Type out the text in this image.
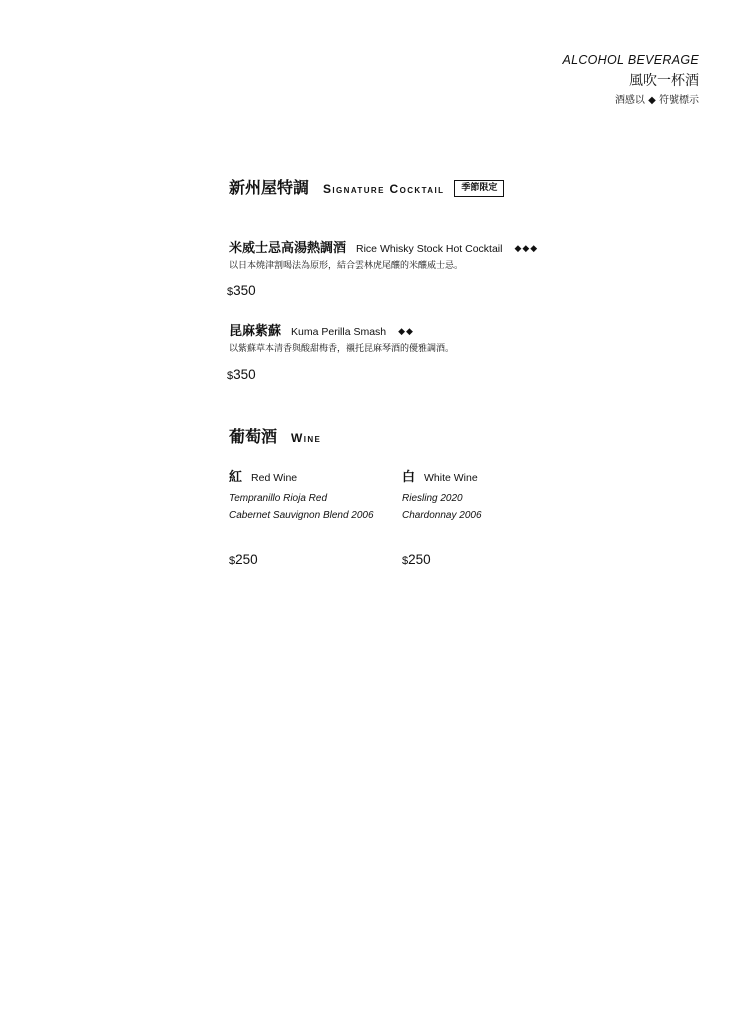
ALCOHOL BEVERAGE
風吹一杯酒
酒感以 ◆ 符號標示
新州屋特調 Signature Cocktail	季節限定
米威士忌高湯熱調酒 Rice Whisky Stock Hot Cocktail ◆◆◆
以日本燒津割喝法為原形，結合雲林虎尾釀的米釀威士忌。
$350
昆麻紫蘇 Kuma Perilla Smash ◆◆
以紫蘇草本清香與酸甜梅香，襯托昆麻琴酒的優雅調酒。
$350
葡萄酒 Wine
紅 Red Wine
Tempranillo Rioja Red
Cabernet Sauvignon Blend 2006
$250
白 White Wine
Riesling 2020
Chardonnay 2006
$250
